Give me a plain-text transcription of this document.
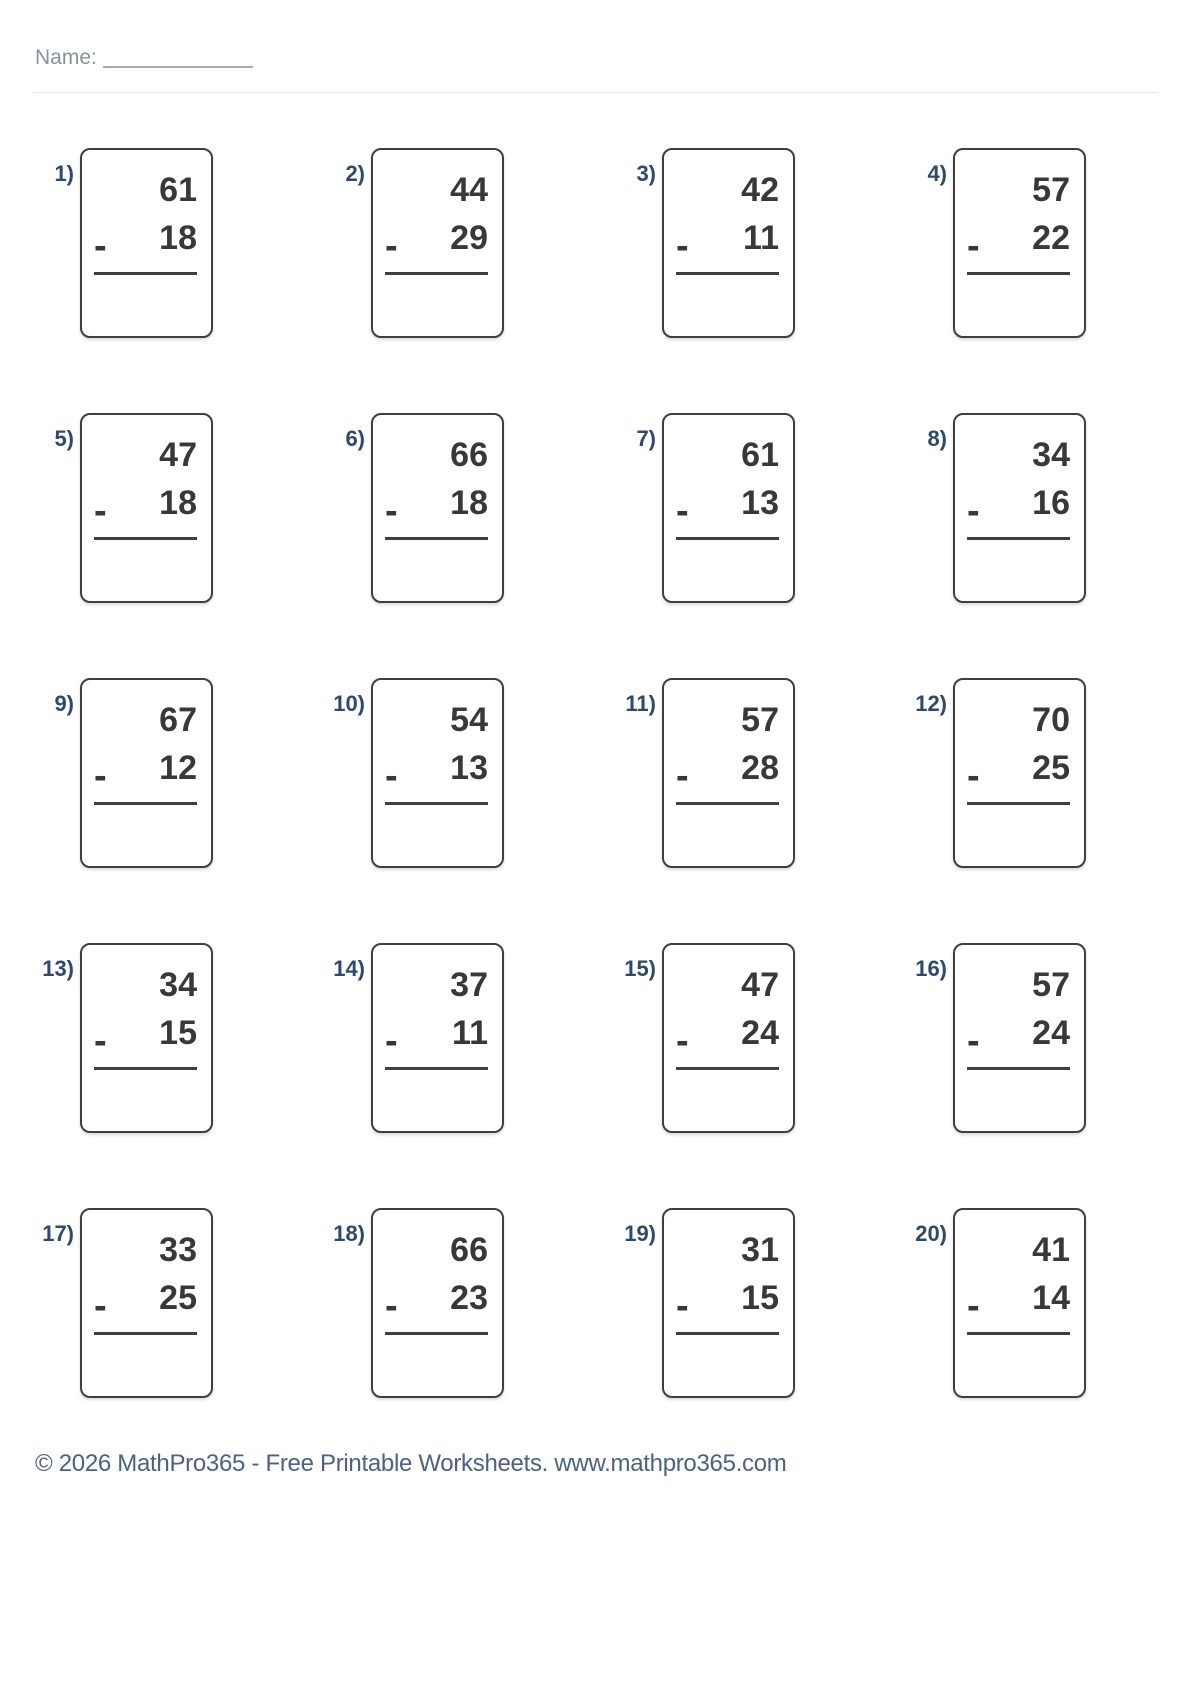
Name:
1)	61
- 18
2)	44
- 29
3)	42
- 11
4)	57
- 22
5)	47
- 18
6)	66
- 18
7)	61
- 13
8)	34
- 16
9)	67
- 12
10)	54
- 13
11)	57
- 28
12)	70
- 25
13)	34
- 15
14)	37
- 11
15)	47
- 24
16)	57
- 24
17)	33
- 25
18)	66
- 23
19)	31
- 15
20)	41
- 14
© 2026 MathPro365 - Free Printable Worksheets. www.mathpro365.com
